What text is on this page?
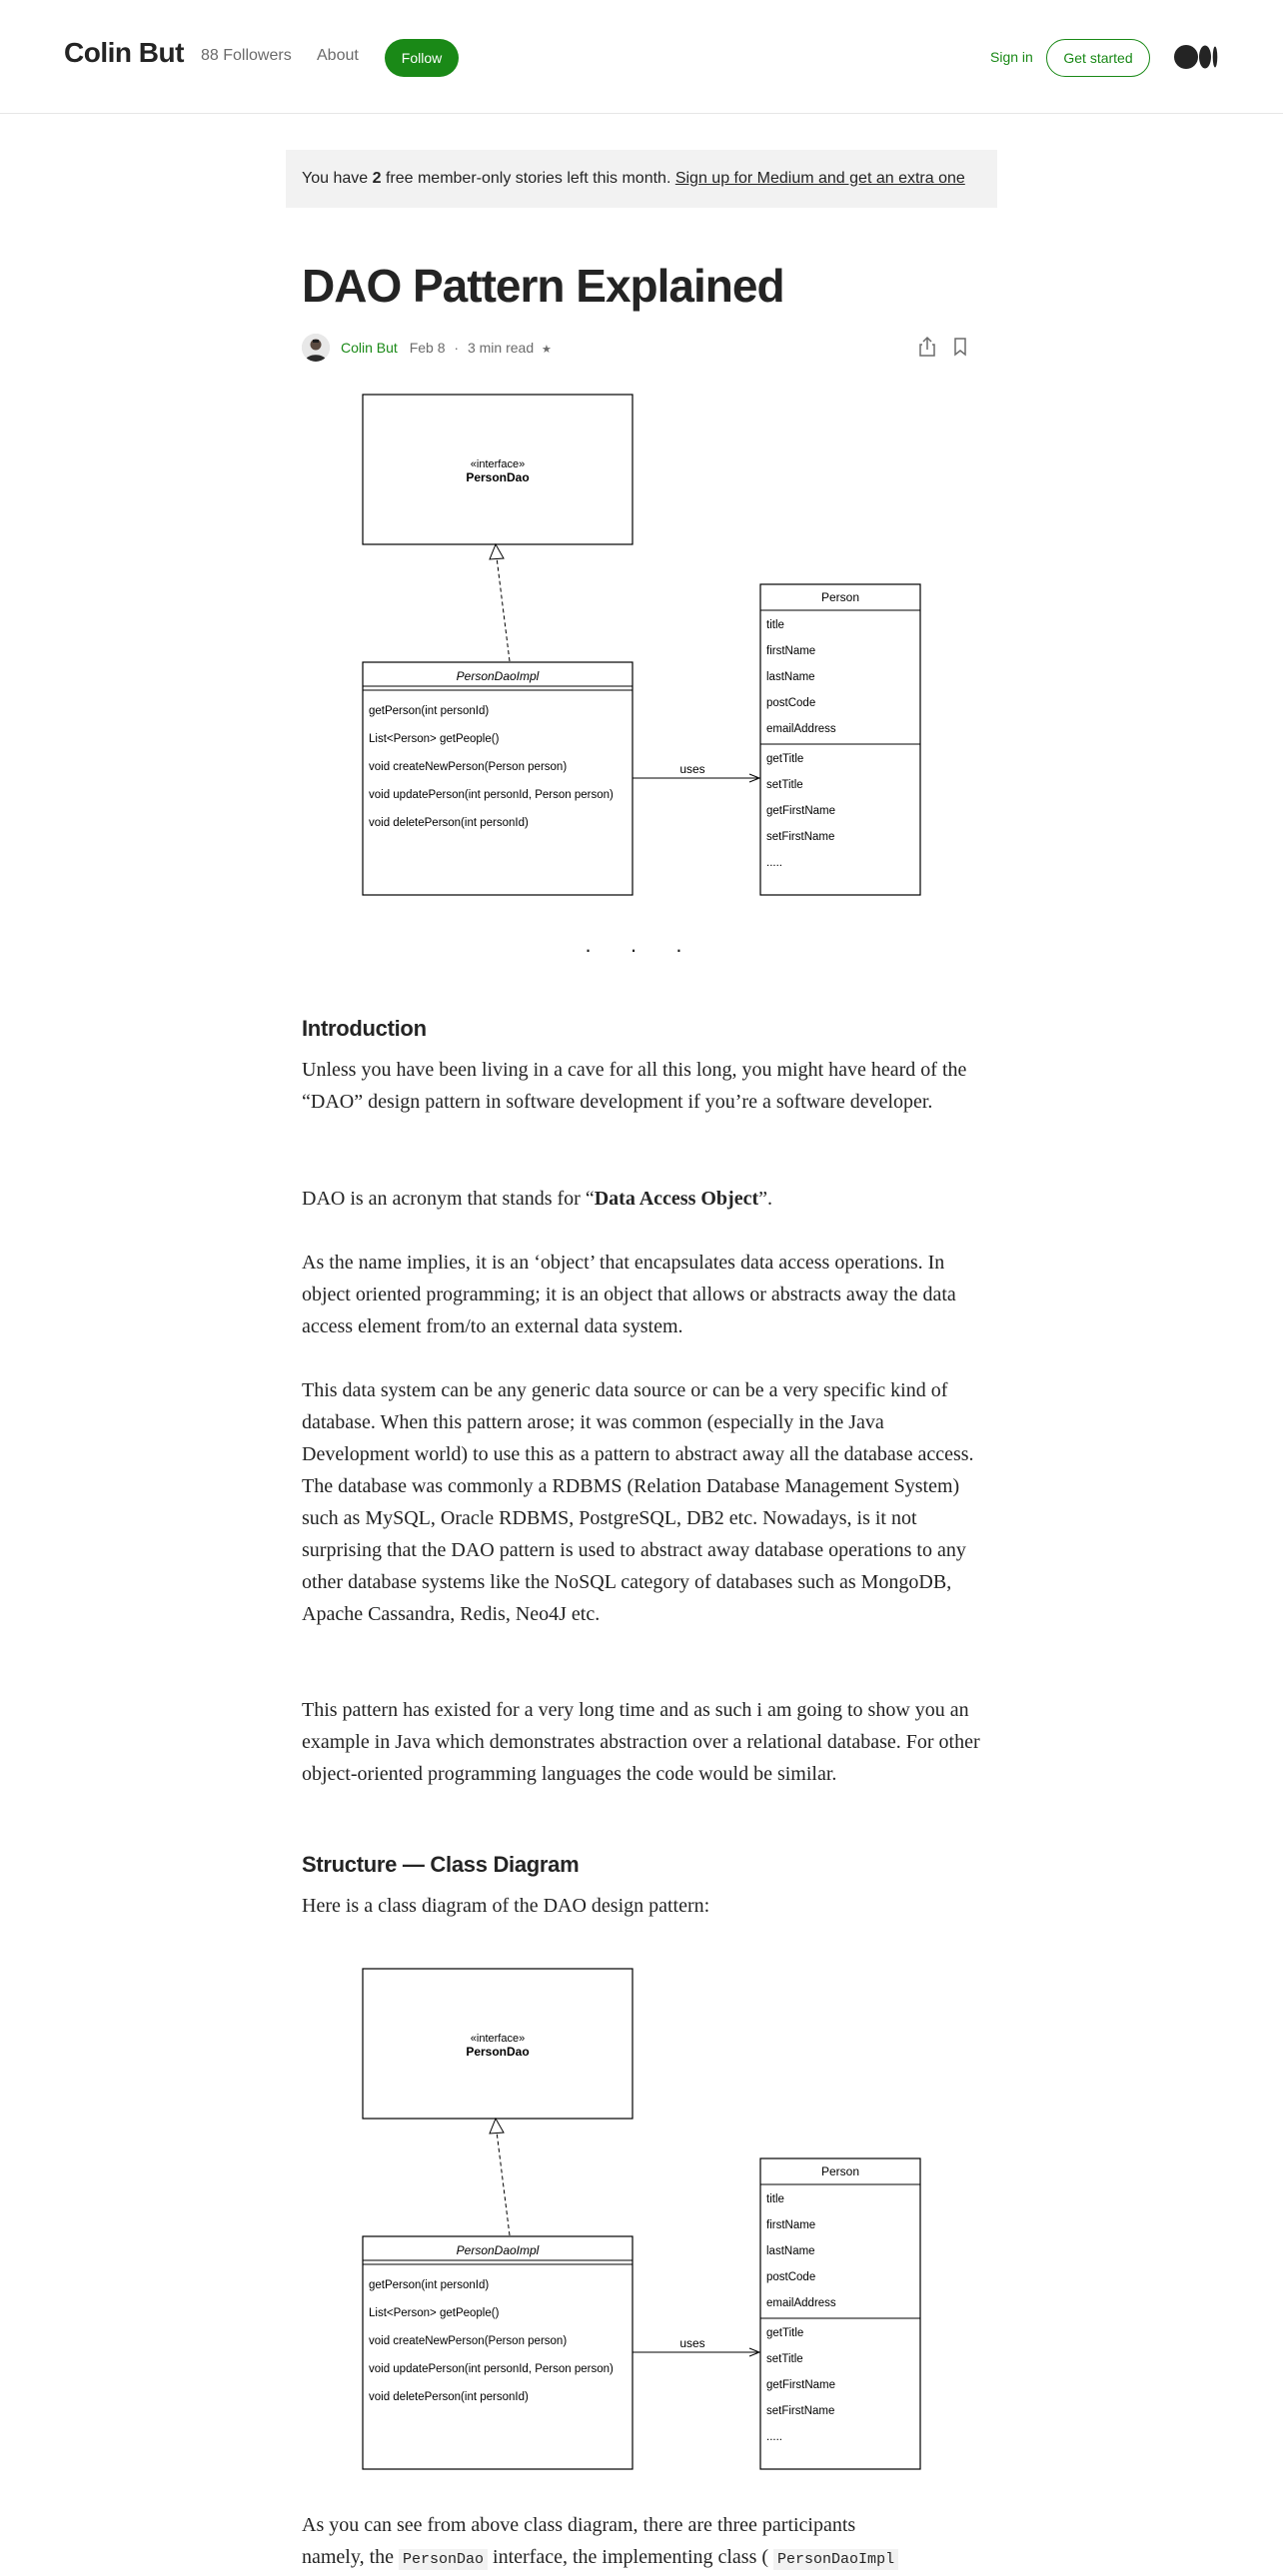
Colin But 88 Followers About	Follow	Sign in	Get started
You have 2 free member-only stories left this month. Sign up for Medium and get an extra one
DAO Pattern Explained
Colin But Feb 8 · 3 min read ★
«interface»
PersonDao
PersonDaoImpl
getPerson(int personId)
List<Person> getPeople()
void createNewPerson(Person person)
void updatePerson(int personId, Person person)
void deletePerson(int personId)
uses
Person
title
firstName
lastName
postCode
emailAddress
getTitle
setTitle
getFirstName
setFirstName
.....
· · ·
Introduction

Unless you have been living in a cave for all this long, you might have heard of the “DAO” design pattern in software development if you’re a software developer.

DAO is an acronym that stands for “Data Access Object”.

As the name implies, it is an ‘object’ that encapsulates data access operations. In object oriented programming; it is an object that allows or abstracts away the data access element from/to an external data system.

This data system can be any generic data source or can be a very specific kind of database. When this pattern arose; it was common (especially in the Java Development world) to use this as a pattern to abstract away all the database access. The database was commonly a RDBMS (Relation Database Management System) such as MySQL, Oracle RDBMS, PostgreSQL, DB2 etc. Nowadays, is it not surprising that the DAO pattern is used to abstract away database operations to any other database systems like the NoSQL category of databases such as MongoDB, Apache Cassandra, Redis, Neo4J etc.

This pattern has existed for a very long time and as such i am going to show you an example in Java which demonstrates abstraction over a relational database. For other object-oriented programming languages the code would be similar.

Structure — Class Diagram

Here is a class diagram of the DAO design pattern:

«interface»
PersonDao
PersonDaoImpl
getPerson(int personId)
List<Person> getPeople()
void createNewPerson(Person person)
void updatePerson(int personId, Person person)
void deletePerson(int personId)
uses
Person
title
firstName
lastName
postCode
emailAddress
getTitle
setTitle
getFirstName
setFirstName
.....

As you can see from above class diagram, there are three participants
namely, the PersonDao interface, the implementing class ( PersonDaoImpl
